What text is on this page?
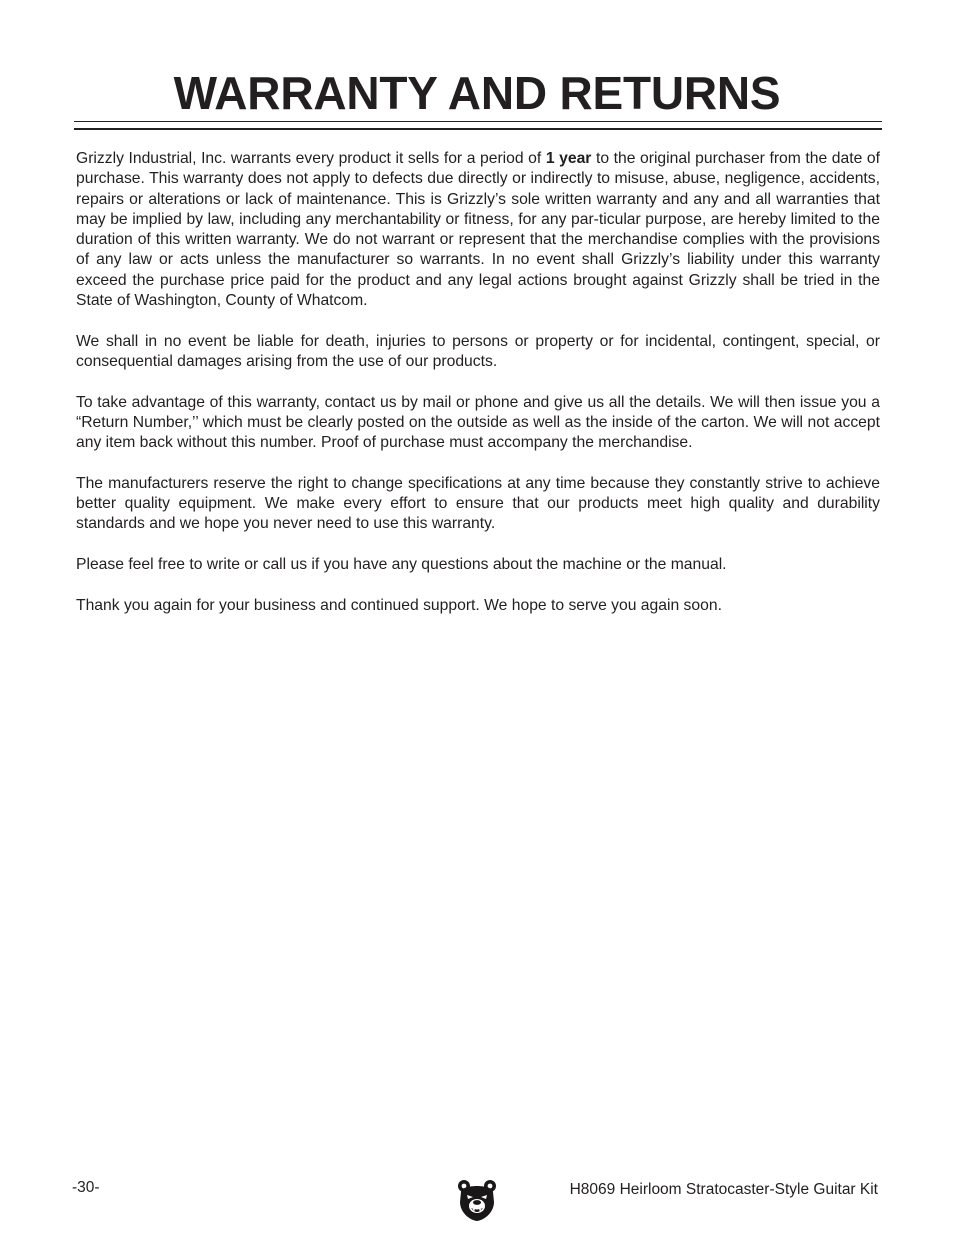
WARRANTY AND RETURNS

Grizzly Industrial, Inc. warrants every product it sells for a period of 1 year to the original purchaser from the date of purchase. This warranty does not apply to defects due directly or indirectly to misuse, abuse, negligence, accidents, repairs or alterations or lack of maintenance. This is Grizzly’s sole written warranty and any and all warranties that may be implied by law, including any merchantability or fitness, for any par-ticular purpose, are hereby limited to the duration of this written warranty. We do not warrant or represent that the merchandise complies with the provisions of any law or acts unless the manufacturer so warrants. In no event shall Grizzly’s liability under this warranty exceed the purchase price paid for the product and any legal actions brought against Grizzly shall be tried in the State of Washington, County of Whatcom.

We shall in no event be liable for death, injuries to persons or property or for incidental, contingent, special, or consequential damages arising from the use of our products.

To take advantage of this warranty, contact us by mail or phone and give us all the details. We will then issue you a “Return Number,’’ which must be clearly posted on the outside as well as the inside of the carton. We will not accept any item back without this number. Proof of purchase must accompany the merchandise.

The manufacturers reserve the right to change specifications at any time because they constantly strive to achieve better quality equipment. We make every effort to ensure that our products meet high quality and durability standards and we hope you never need to use this warranty.

Please feel free to write or call us if you have any questions about the machine or the manual.

Thank you again for your business and continued support. We hope to serve you again soon.

-30-	H8069 Heirloom Stratocaster-Style Guitar Kit
